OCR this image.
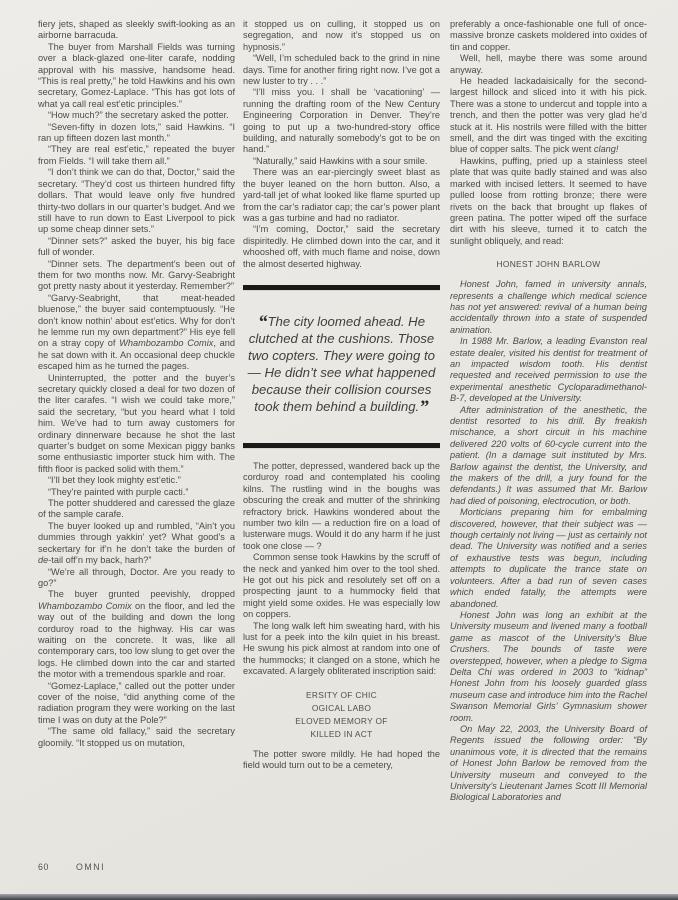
fiery jets, shaped as sleekly swift-looking as an airborne barracuda.

The buyer from Marshall Fields was turning over a black-glazed one-liter carafe, nodding approval with his massive, handsome head. “This is real pretty,” he told Hawkins and his own secretary, Gomez-Laplace. “This has got lots of what ya call real est’etic principles.”

“How much?” the secretary asked the potter.

“Seven-fifty in dozen lots,” said Hawkins. “I ran up fifteen dozen last month.”

“They are real est’etic,” repeated the buyer from Fields. “I will take them all.”

“I don’t think we can do that, Doctor,” said the secretary. “They’d cost us thirteen hundred fifty dollars. That would leave only five hundred thirty-two dollars in our quarter’s budget. And we still have to run down to East Liverpool to pick up some cheap dinner sets.”

“Dinner sets?” asked the buyer, his big face full of wonder.

“Dinner sets. The department’s been out of them for two months now. Mr. Garvy-Seabright got pretty nasty about it yesterday. Remember?”

“Garvy-Seabright, that meat-headed bluenose,” the buyer said contemptuously. “He don’t know nothin’ about est’etics. Why for don’t he lemme run my own department?” His eye fell on a stray copy of Whambozambo Comix, and he sat down with it. An occasional deep chuckle escaped him as he turned the pages.

Uninterrupted, the potter and the buyer’s secretary quickly closed a deal for two dozen of the liter carafes. “I wish we could take more,” said the secretary, “but you heard what I told him. We’ve had to turn away customers for ordinary dinnerware because he shot the last quarter’s budget on some Mexican piggy banks some enthusiastic importer stuck him with. The fifth floor is packed solid with them.”

“I’ll bet they look mighty est’etic.”

“They’re painted with purple cacti.”

The potter shuddered and caressed the glaze of the sample carafe.

The buyer looked up and rumbled, “Ain’t you dummies through yakkin’ yet? What good’s a seckertary for if’n he don’t take the burden of de-tail off’n my back, harh?”

“We’re all through, Doctor. Are you ready to go?”

The buyer grunted peevishly, dropped Whambozambo Comix on the floor, and led the way out of the building and down the long corduroy road to the highway. His car was waiting on the concrete. It was, like all contemporary cars, too low slung to get over the logs. He climbed down into the car and started the motor with a tremendous sparkle and roar.

“Gomez-Laplace,” called out the potter under cover of the noise, “did anything come of the radiation program they were working on the last time I was on duty at the Pole?”

“The same old fallacy,” said the secretary gloomily. “It stopped us on mutation,

it stopped us on culling, it stopped us on segregation, and now it’s stopped us on hypnosis.”

“Well, I’m scheduled back to the grind in nine days. Time for another firing right now. I’ve got a new luster to try . . .”

“I’ll miss you. I shall be ‘vacationing’ — running the drafting room of the New Century Engineering Corporation in Denver. They’re going to put up a two-hundred-story office building, and naturally somebody’s got to be on hand.”

“Naturally,” said Hawkins with a sour smile.

There was an ear-piercingly sweet blast as the buyer leaned on the horn button. Also, a yard-tall jet of what looked like flame spurted up from the car’s radiator cap; the car’s power plant was a gas turbine and had no radiator.

“I’m coming, Doctor,” said the secretary dispiritedly. He climbed down into the car, and it whooshed off, with much flame and noise, down the almost deserted highway.

“The city loomed ahead. He clutched at the cushions. Those two copters. They were going to — He didn’t see what happened because their collision courses took them behind a building.”

The potter, depressed, wandered back up the corduroy road and contemplated his cooling kilns. The rustling wind in the boughs was obscuring the creak and mutter of the shrinking refractory brick. Hawkins wondered about the number two kiln — a reduction fire on a load of lusterware mugs. Would it do any harm if he just took one close — ?

Common sense took Hawkins by the scruff of the neck and yanked him over to the tool shed. He got out his pick and resolutely set off on a prospecting jaunt to a hummocky field that might yield some oxides. He was especially low on coppers.

The long walk left him sweating hard, with his lust for a peek into the kiln quiet in his breast. He swung his pick almost at random into one of the hummocks; it clanged on a stone, which he excavated. A largely obliterated inscription said:

ERSITY OF CHIC
OGICAL LABO
ELOVED MEMORY OF
KILLED IN ACT

The potter swore mildly. He had hoped the field would turn out to be a cemetery,

preferably a once-fashionable one full of once-massive bronze caskets moldered into oxides of tin and copper.

Well, hell, maybe there was some around anyway.

He headed lackadaisically for the second-largest hillock and sliced into it with his pick. There was a stone to undercut and topple into a trench, and then the potter was very glad he’d stuck at it. His nostrils were filled with the bitter smell, and the dirt was tinged with the exciting blue of copper salts. The pick went clang!

Hawkins, puffing, pried up a stainless steel plate that was quite badly stained and was also marked with incised letters. It seemed to have pulled loose from rotting bronze; there were rivets on the back that brought up flakes of green patina. The potter wiped off the surface dirt with his sleeve, turned it to catch the sunlight obliquely, and read:

HONEST JOHN BARLOW

Honest John, famed in university annals, represents a challenge which medical science has not yet answered: revival of a human being accidentally thrown into a state of suspended animation.

In 1988 Mr. Barlow, a leading Evanston real estate dealer, visited his dentist for treatment of an impacted wisdom tooth. His dentist requested and received permission to use the experimental anesthetic Cycloparadimethanol-B-7, developed at the University.

After administration of the anesthetic, the dentist resorted to his drill. By freakish mischance, a short circuit in his machine delivered 220 volts of 60-cycle current into the patient. (In a damage suit instituted by Mrs. Barlow against the dentist, the University, and the makers of the drill, a jury found for the defendants.) It was assumed that Mr. Barlow had died of poisoning, electrocution, or both.

Morticians preparing him for embalming discovered, however, that their subject was — though certainly not living — just as certainly not dead. The University was notified and a series of exhaustive tests was begun, including attempts to duplicate the trance state on volunteers. After a bad run of seven cases which ended fatally, the attempts were abandoned.

Honest John was long an exhibit at the University museum and livened many a football game as mascot of the University’s Blue Crushers. The bounds of taste were overstepped, however, when a pledge to Sigma Delta Chi was ordered in 2003 to “kidnap” Honest John from his loosely guarded glass museum case and introduce him into the Rachel Swanson Memorial Girls’ Gymnasium shower room.

On May 22, 2003, the University Board of Regents issued the following order: “By unanimous vote, it is directed that the remains of Honest John Barlow be removed from the University museum and conveyed to the University’s Lieutenant James Scott III Memorial Biological Laboratories and

60	OMNI
